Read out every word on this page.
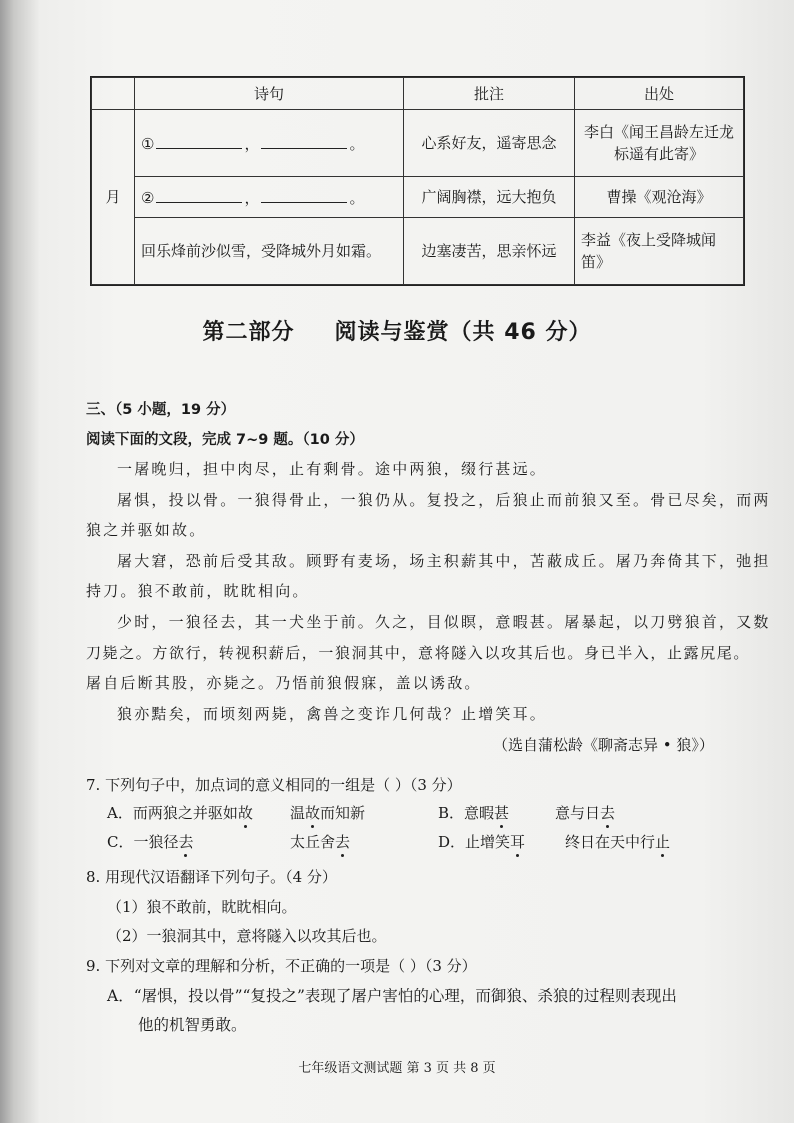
	诗句	批注	出处
月	① ， 。	心系好友，遥寄思念	李白《闻王昌龄左迁龙标遥有此寄》
	② ， 。	广阔胸襟，远大抱负	曹操《观沧海》
	回乐烽前沙似雪，受降城外月如霜。	边塞凄苦，思亲怀远	李益《夜上受降城闻笛》
第二部分 阅读与鉴赏（共 46 分）
三、（5 小题，19 分）
阅读下面的文段，完成 7~9 题。（10 分）
一屠晚归，担中肉尽，止有剩骨。途中两狼，缀行甚远。
屠惧，投以骨。一狼得骨止，一狼仍从。复投之，后狼止而前狼又至。骨已尽矣，而两
狼之并驱如故。
屠大窘，恐前后受其敌。顾野有麦场，场主积薪其中，苫蔽成丘。屠乃奔倚其下，弛担
持刀。狼不敢前，眈眈相向。
少时，一狼径去，其一犬坐于前。久之，目似瞑，意暇甚。屠暴起，以刀劈狼首，又数
刀毙之。方欲行，转视积薪后，一狼洞其中，意将隧入以攻其后也。身已半入，止露尻尾。
屠自后断其股，亦毙之。乃悟前狼假寐，盖以诱敌。
狼亦黠矣，而顷刻两毙，禽兽之变诈几何哉？止增笑耳。
（选自蒲松龄《聊斋志异 • 狼》）
7. 下列句子中，加点词的意义相同的一组是（ ）（3 分）
A．而两狼之并驱如故 温故而知新	B．意暇甚	意与日去
C．一狼径去	太丘舍去	D．止增笑耳	终日在天中行止
8. 用现代汉语翻译下列句子。（4 分）
（1）狼不敢前，眈眈相向。
（2）一狼洞其中，意将隧入以攻其后也。
9. 下列对文章的理解和分析，不正确的一项是（ ）（3 分）
A．“屠惧，投以骨”“复投之”表现了屠户害怕的心理，而御狼、杀狼的过程则表现出
他的机智勇敢。
七年级语文测试题 第 3 页 共 8 页
